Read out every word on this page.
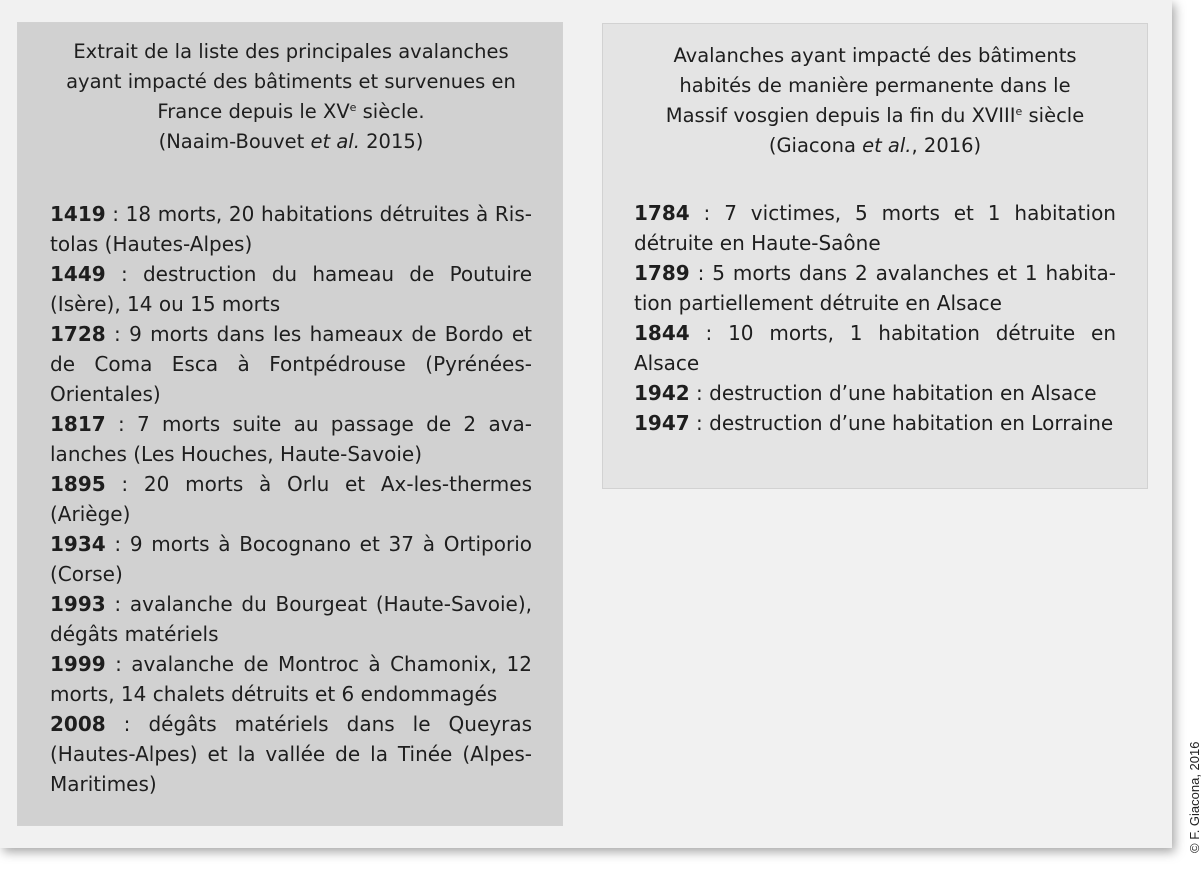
Extrait de la liste des principales avalanches
ayant impacté des bâtiments et survenues en
France depuis le XVe siècle.
(Naaim-Bouvet et al. 2015)
1419 : 18 morts, 20 habitations détruites à Ristolas (Hautes-Alpes)
1449 : destruction du hameau de Poutuire (Isère), 14 ou 15 morts
1728 : 9 morts dans les hameaux de Bordo et de Coma Esca à Fontpédrouse (Pyrénées-Orientales)
1817 : 7 morts suite au passage de 2 avalanches (Les Houches, Haute-Savoie)
1895 : 20 morts à Orlu et Ax-les-thermes (Ariège)
1934 : 9 morts à Bocognano et 37 à Ortiporio (Corse)
1993 : avalanche du Bourgeat (Haute-Savoie), dégâts matériels
1999 : avalanche de Montroc à Chamonix, 12 morts, 14 chalets détruits et 6 endommagés
2008 : dégâts matériels dans le Queyras (Hautes-Alpes) et la vallée de la Tinée (Alpes-Maritimes)
Avalanches ayant impacté des bâtiments
habités de manière permanente dans le
Massif vosgien depuis la fin du XVIIIe siècle
(Giacona et al., 2016)
1784 : 7 victimes, 5 morts et 1 habitation détruite en Haute-Saône
1789 : 5 morts dans 2 avalanches et 1 habitation partiellement détruite en Alsace
1844 : 10 morts, 1 habitation détruite en Alsace
1942 : destruction d’une habitation en Alsace
1947 : destruction d’une habitation en Lorraine
© F. Giacona, 2016
